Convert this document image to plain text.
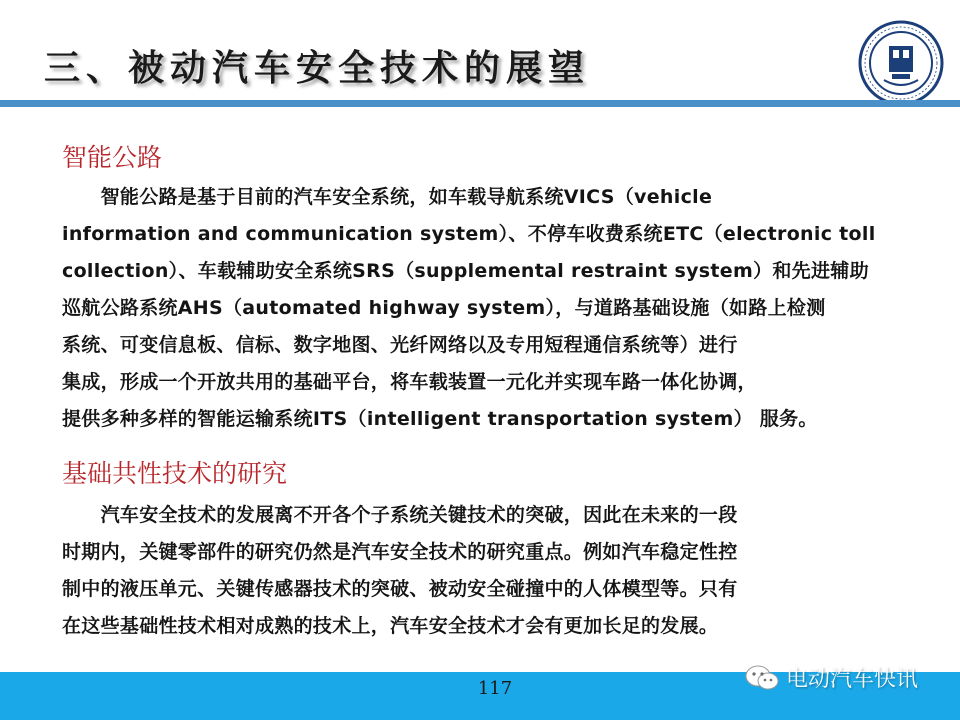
三、被动汽车安全技术的展望
智能公路
　　智能公路是基于目前的汽车安全系统，如车载导航系统VICS（vehicle
information and communication system）、不停车收费系统ETC（electronic toll
collection）、车载辅助安全系统SRS（supplemental restraint system）和先进辅助
巡航公路系统AHS（automated highway system），与道路基础设施（如路上检测
系统、可变信息板、信标、数字地图、光纤网络以及专用短程通信系统等）进行
集成，形成一个开放共用的基础平台，将车载装置一元化并实现车路一体化协调，
提供多种多样的智能运输系统ITS（intelligent transportation system） 服务。
基础共性技术的研究
　　汽车安全技术的发展离不开各个子系统关键技术的突破，因此在未来的一段
时期内，关键零部件的研究仍然是汽车安全技术的研究重点。例如汽车稳定性控
制中的液压单元、关键传感器技术的突破、被动安全碰撞中的人体模型等。只有
在这些基础性技术相对成熟的技术上，汽车安全技术才会有更加长足的发展。
117	电动汽车快讯
